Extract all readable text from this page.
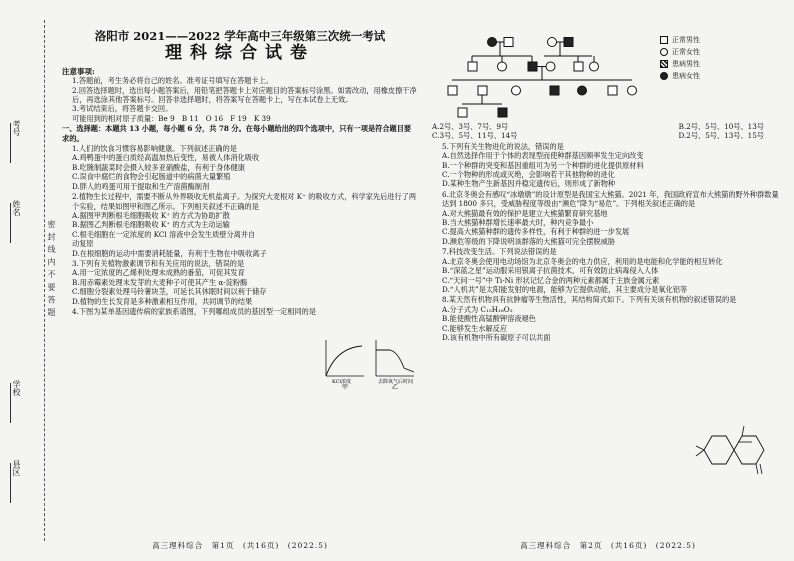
考号
姓名
学校
县区
密 封 线 内 不 要 答 题
洛阳市 2021——2022 学年高中三年级第三次统一考试
理科综合试卷

注意事项:

1.答题前，考生务必将自己的姓名、准考证号填写在答题卡上。

2.回答选择题时，选出每小题答案后，用铅笔把答题卡上对应题目的答案标号涂黑。如需改动，用橡皮擦干净后，再选涂其他答案标号。回答非选择题时，将答案写在答题卡上，写在本试卷上无效。

3.考试结束后，将答题卡交回。

可能用到的相对原子质量：Be 9　B 11　O 16　F 19　K 39

一、选择题：本题共 13 小题，每小题 6 分，共 78 分。在每小题给出的四个选项中，只有一项是符合题目要求的。

1.人们的饮食习惯容易影响健康。下列叙述正确的是

A.鸡鸭蛋中的蛋白质经高温加热后变性，易被人体消化吸收

B.吃腌制蔬菜时会摄入较多亚硝酸盐，有利于身体健康

C.误食中腐烂的食物会引起肠道中的病菌大量繁殖

D.胖人的鸡蛋可用于提取和生产溶菌酶制剂

2.植物生长过程中，需要不断从外界吸收无机盐离子。为探究大麦根对 K⁺ 的吸收方式，科学家先后进行了两个实验，结果如图甲和图乙所示。下列相关叙述不正确的是

A.据图甲判断根毛细胞吸收 K⁺ 的方式为协助扩散

B.据图乙判断根毛细胞吸收 K⁺ 的方式为主动运输

C.根毛细胞在一定浓度的 KCl 溶液中会发生质壁分离并自动复原

D.在根细胞的运动中需要消耗能量，有利于生物在中吸收离子

3.下列有关植物激素调节和有关应用的说法，错误的是

A.用一定浓度的乙烯利处理未成熟的番茄，可促其发育

B.用赤霉素处理未发芽的大麦种子可使其产生 α-淀粉酶

C.细胞分裂素处理马铃薯块茎，可延长其休眠时间以利于储存

D.植物的生长发育是多种激素相互作用，共同调节的结果

4.下图为某单基因遗传病的家族系谱图，下列哪组成员的基因型一定相同的是

KCl浓度	去除氧气后时间
甲	乙
高三理科综合　第1页　(共16页)　(2022.5)
正常男性
正常女性
患病男性
患病女性
A.2号、3号、7号、9号	B.2号、5号、10号、13号
C.3号、5号、11号、14号	D.2号、5号、13号、15号

5.下列有关生物进化的说法，错误的是

A.自然选择作用于个体的表现型而使种群基因频率发生定向改变

B.一个种群的突变和基因重组可为另一个种群的进化提供原材料

C.一个物种的形成或灭绝，会影响若干其他物种的进化

D.某种生物产生新基因并稳定遗传后，则形成了新物种

6.北京冬奥会有感叹“冰墩墩”的设计原型是我国宝大熊猫。2021 年，我国政府宣布大熊猫的野外种群数量达到 1800 多只，受威胁程度等级由“濒危”降为“易危”。下列相关叙述正确的是

A.对大熊猫最有效的保护是建立大熊猫繁育研究基地

B.当大熊猫种群增长速率最大时，种内竞争最小

C.提高大熊猫种群的遗传多样性，有利于种群的进一步发展

D.濒危等级的下降说明该群落的大熊猫可完全摆脱威胁

7.科技改变生活。下列说法错误的是

A.北京冬奥会使用电动场馆为北京冬奥会的电力供应，利用的是电能和化学能的相互转化

B.“深蓝之星”运动服采用银离子抗菌技术，可有效防止病毒侵入人体

C.“天问一号”中 Ti-Ni 形状记忆合金的两种元素都属于主族金属元素

D.“人机共”是太阳能发射的电源，能够为它提供动能，其主要成分是氧化铝等

8.某天然有机物具有抗肿瘤等生物活性，其结构简式如下。下列有关该有机物的叙述错误的是

A.分子式为 C₁₅H₁₈O₃

B.能使酸性高锰酸钾溶液褪色

C.能够发生水解反应

D.该有机物中所有碳原子可以共面

高三理科综合　第2页　(共16页)　(2022.5)
